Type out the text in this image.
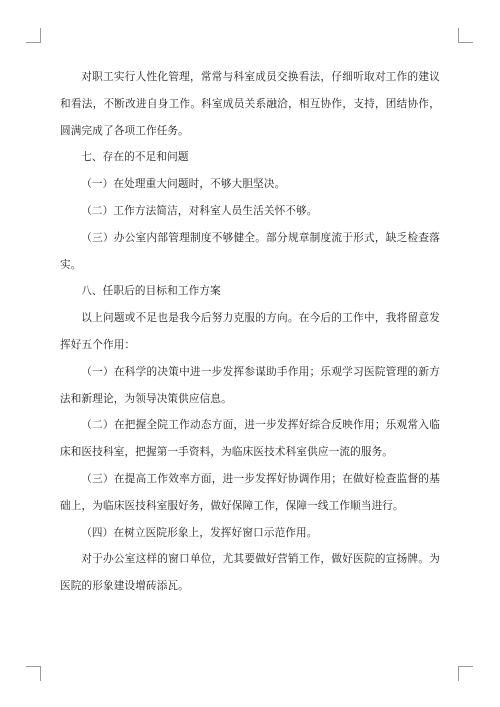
对职工实行人性化管理，常常与科室成员交换看法，仔细听取对工作的建议和看法，不断改进自身工作。科室成员关系融洽，相互协作，支持，团结协作，圆满完成了各项工作任务。

七、存在的不足和问题

（一）在处理重大问题时，不够大胆坚决。

（二）工作方法简洁，对科室人员生活关怀不够。

（三）办公室内部管理制度不够健全。部分规章制度流于形式，缺乏检查落实。

八、任职后的目标和工作方案

以上问题或不足也是我今后努力克服的方向。在今后的工作中，我将留意发挥好五个作用：

（一）在科学的决策中进一步发挥参谋助手作用；乐观学习医院管理的新方法和新理论，为领导决策供应信息。

（二）在把握全院工作动态方面，进一步发挥好综合反映作用；乐观常入临床和医技科室，把握第一手资料，为临床医技术科室供应一流的服务。

（三）在提高工作效率方面，进一步发挥好协调作用；在做好检查监督的基础上，为临床医技科室服好务，做好保障工作，保障一线工作顺当进行。

（四）在树立医院形象上，发挥好窗口示范作用。

对于办公室这样的窗口单位，尤其要做好营销工作，做好医院的宣扬牌。为医院的形象建设增砖添瓦。
